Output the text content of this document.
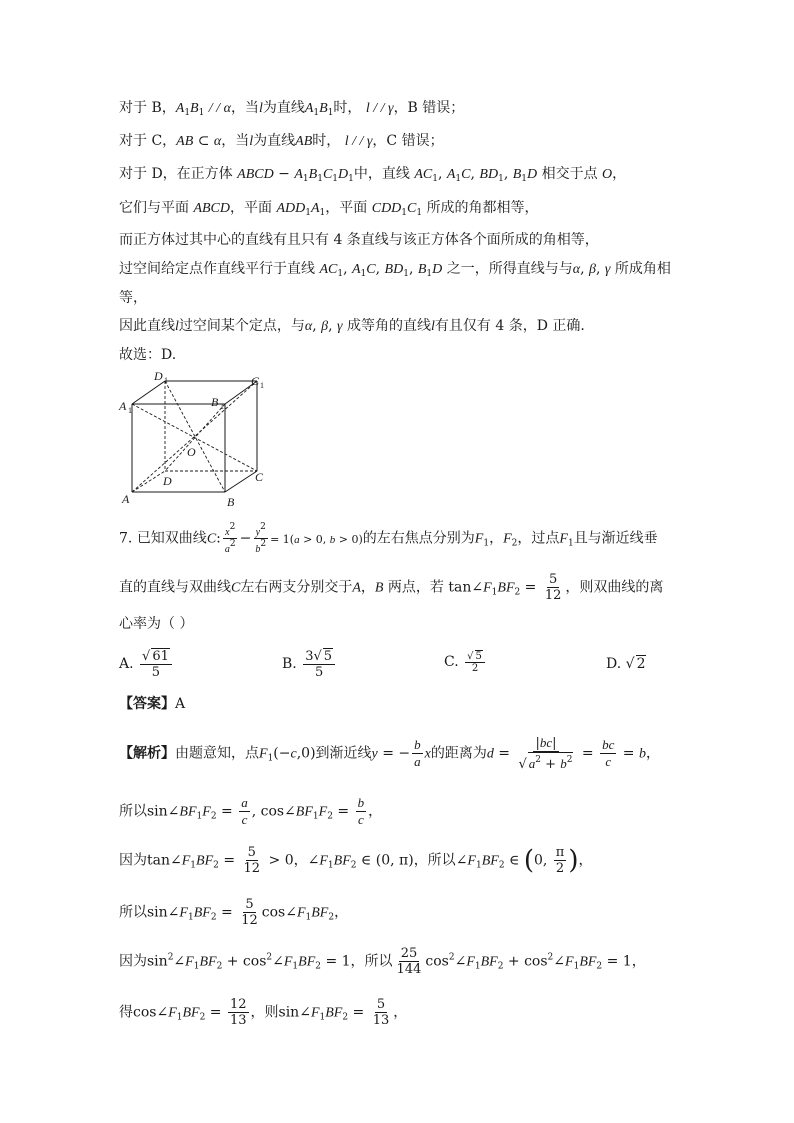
对于 B，$A_1B_1$ / / α，当l为直线$A_1B_1$时， l / / γ，B 错误；
对于 C，AB ⊂ α，当l为直线AB时， l / / γ，C 错误；
对于 D，在正方体 ABCD − $A_1B_1C_1D_1$中，直线 $AC_1$, $A_1C$, $BD_1$, $B_1D$ 相交于点 O，
它们与平面 ABCD，平面 $ADD_1A_1$，平面 $CDD_1C_1$ 所成的角都相等，
而正方体过其中心的直线有且只有 4 条直线与该正方体各个面所成的角相等，
过空间给定点作直线平行于直线 $AC_1$, $A_1C$, $BD_1$, $B_1D$ 之一，所得直线与与α, β, γ 所成角相
等，
因此直线l过空间某个定点，与α, β, γ 成等角的直线l有且仅有 4 条，D 正确.
故选：D.
D 1	C 1
A 1
B 1
O
D	C
A	B
7. 已知双曲线C: $\frac{x^2}{a^2} - \frac{y^2}{b^2} = 1(a > 0$, b > 0)的左右焦点分别为$F_1$，$F_2$，过点$F_1$且与渐近线垂
直的直线与双曲线C左右两支分别交于A，B 两点，若 $\tan\angle F_1BF_2 = \frac{5}{12}$ ，则双曲线的离
心率为（ ）
A. $\frac{√ 61}{5}$	B. $\frac{3√ 5}{5}$	C. $\frac{√ 5}{2}$	D. √ 2
【答案】A
【解析】由题意知，点$F_1(-c,0)$到渐近线y = − $\frac{b}{a}$ x的距离为$d = \frac{|bc|}{√ a^2 + b^2} = \frac{bc}{c} = b$，
所以$\sin\angle BF_1F_2 = \frac{a}{c}$ , $\cos\angle BF_1F_2 = \frac{b}{c}$ ，
因为$\tan\angle F_1BF_2 = \frac{5}{12} > 0$，$\angle F_1BF_2$ ∈ (0, π)，所以$\angle F_1BF_2$ ∈ (0, $\frac{\pi}{2}$ )，
所以$\sin\angle F_1BF_2 = \frac{5}{12}$ $\cos\angle F_1BF_2$，
因为$\sin^2\angle F_1BF_2$ + $\cos^2\angle F_1BF_2 = 1$，所以 $\frac{25}{144}$ $\cos^2\angle F_1BF_2$ + $\cos^2\angle F_1BF_2 = 1$，
得$\cos\angle F_1BF_2 = \frac{12}{13}$ ，则$\sin\angle F_1BF_2 = \frac{5}{13}$ ，
